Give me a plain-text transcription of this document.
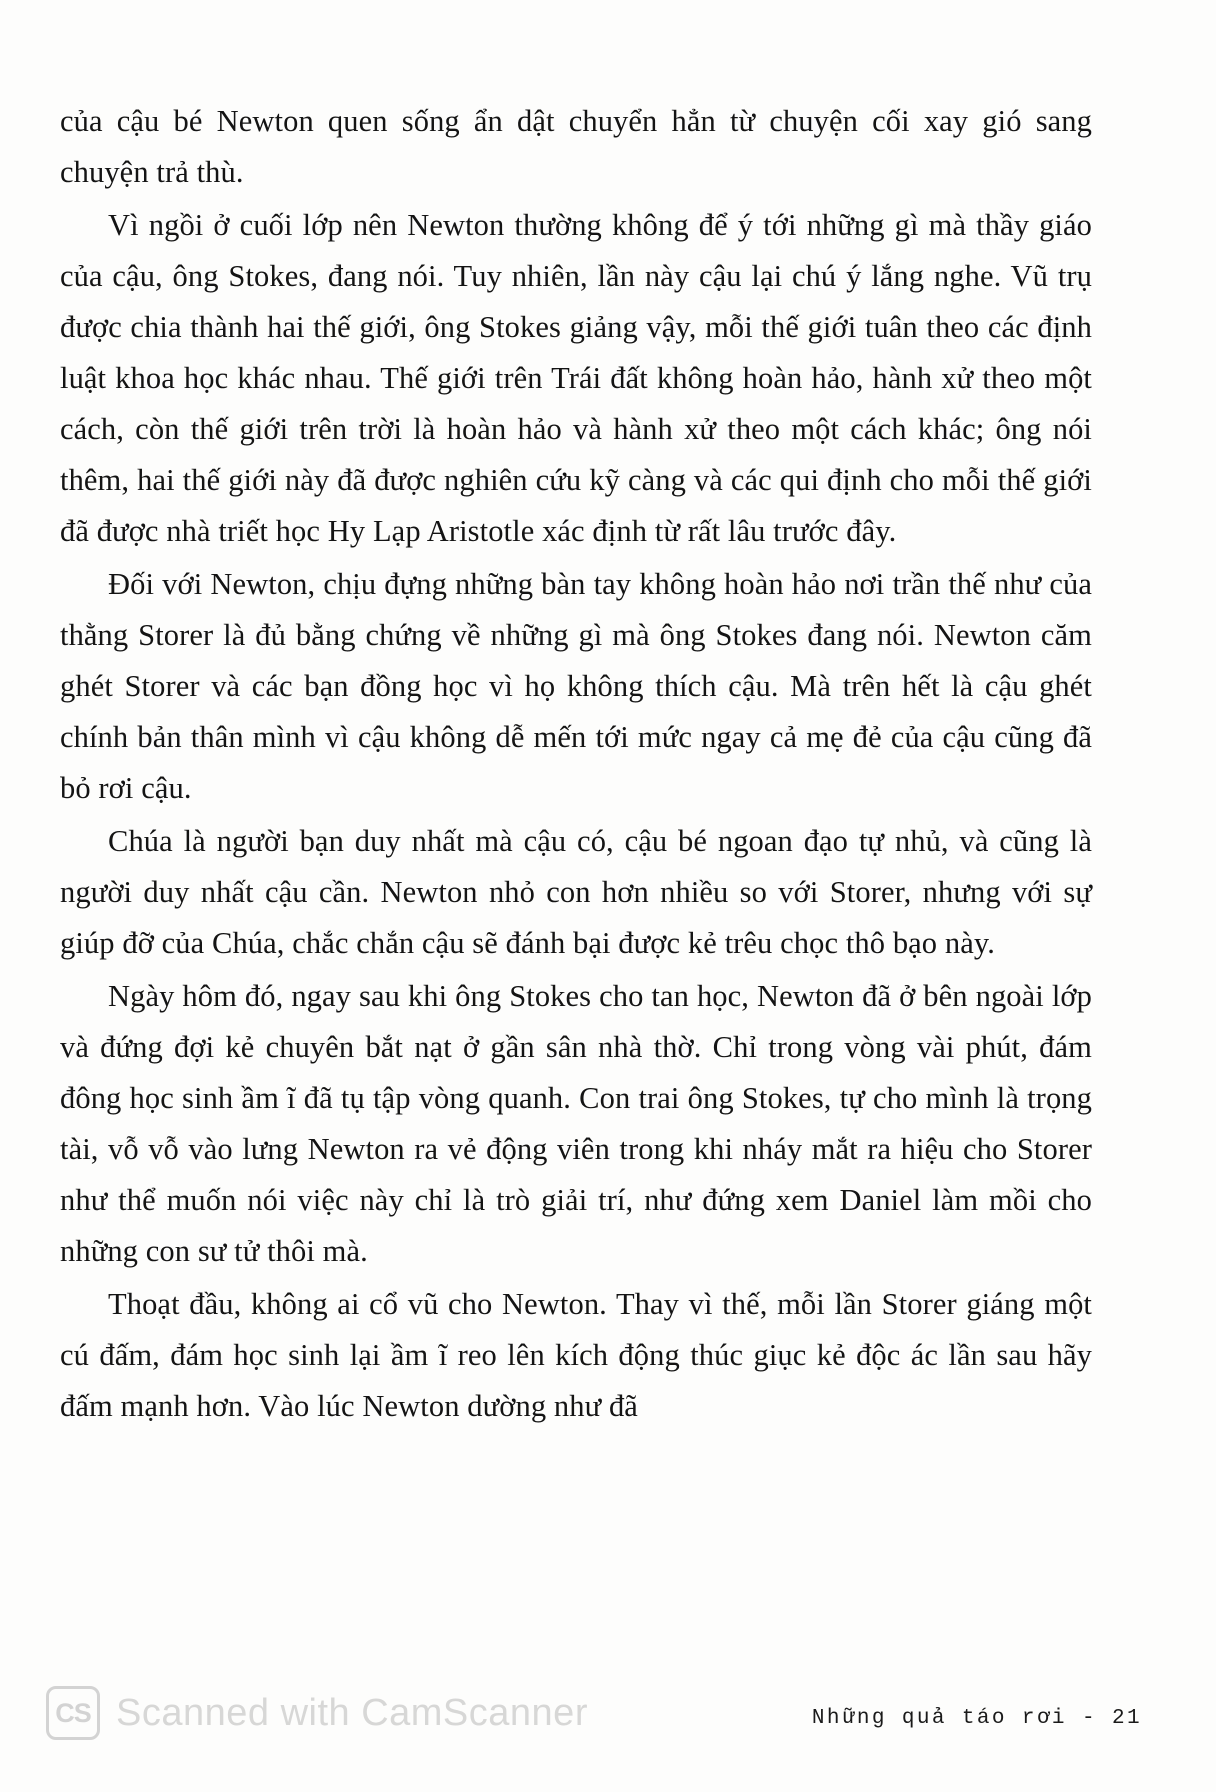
của cậu bé Newton quen sống ẩn dật chuyển hẳn từ chuyện cối xay gió sang chuyện trả thù.

Vì ngồi ở cuối lớp nên Newton thường không để ý tới những gì mà thầy giáo của cậu, ông Stokes, đang nói. Tuy nhiên, lần này cậu lại chú ý lắng nghe. Vũ trụ được chia thành hai thế giới, ông Stokes giảng vậy, mỗi thế giới tuân theo các định luật khoa học khác nhau. Thế giới trên Trái đất không hoàn hảo, hành xử theo một cách, còn thế giới trên trời là hoàn hảo và hành xử theo một cách khác; ông nói thêm, hai thế giới này đã được nghiên cứu kỹ càng và các qui định cho mỗi thế giới đã được nhà triết học Hy Lạp Aristotle xác định từ rất lâu trước đây.

Đối với Newton, chịu đựng những bàn tay không hoàn hảo nơi trần thế như của thằng Storer là đủ bằng chứng về những gì mà ông Stokes đang nói. Newton căm ghét Storer và các bạn đồng học vì họ không thích cậu. Mà trên hết là cậu ghét chính bản thân mình vì cậu không dễ mến tới mức ngay cả mẹ đẻ của cậu cũng đã bỏ rơi cậu.

Chúa là người bạn duy nhất mà cậu có, cậu bé ngoan đạo tự nhủ, và cũng là người duy nhất cậu cần. Newton nhỏ con hơn nhiều so với Storer, nhưng với sự giúp đỡ của Chúa, chắc chắn cậu sẽ đánh bại được kẻ trêu chọc thô bạo này.

Ngày hôm đó, ngay sau khi ông Stokes cho tan học, Newton đã ở bên ngoài lớp và đứng đợi kẻ chuyên bắt nạt ở gần sân nhà thờ. Chỉ trong vòng vài phút, đám đông học sinh ầm ĩ đã tụ tập vòng quanh. Con trai ông Stokes, tự cho mình là trọng tài, vỗ vỗ vào lưng Newton ra vẻ động viên trong khi nháy mắt ra hiệu cho Storer như thể muốn nói việc này chỉ là trò giải trí, như đứng xem Daniel làm mồi cho những con sư tử thôi mà.

Thoạt đầu, không ai cổ vũ cho Newton. Thay vì thế, mỗi lần Storer giáng một cú đấm, đám học sinh lại ầm ĩ reo lên kích động thúc giục kẻ độc ác lần sau hãy đấm mạnh hơn. Vào lúc Newton dường như đã

CS Scanned with CamScanner	Những quả táo rơi - 21
